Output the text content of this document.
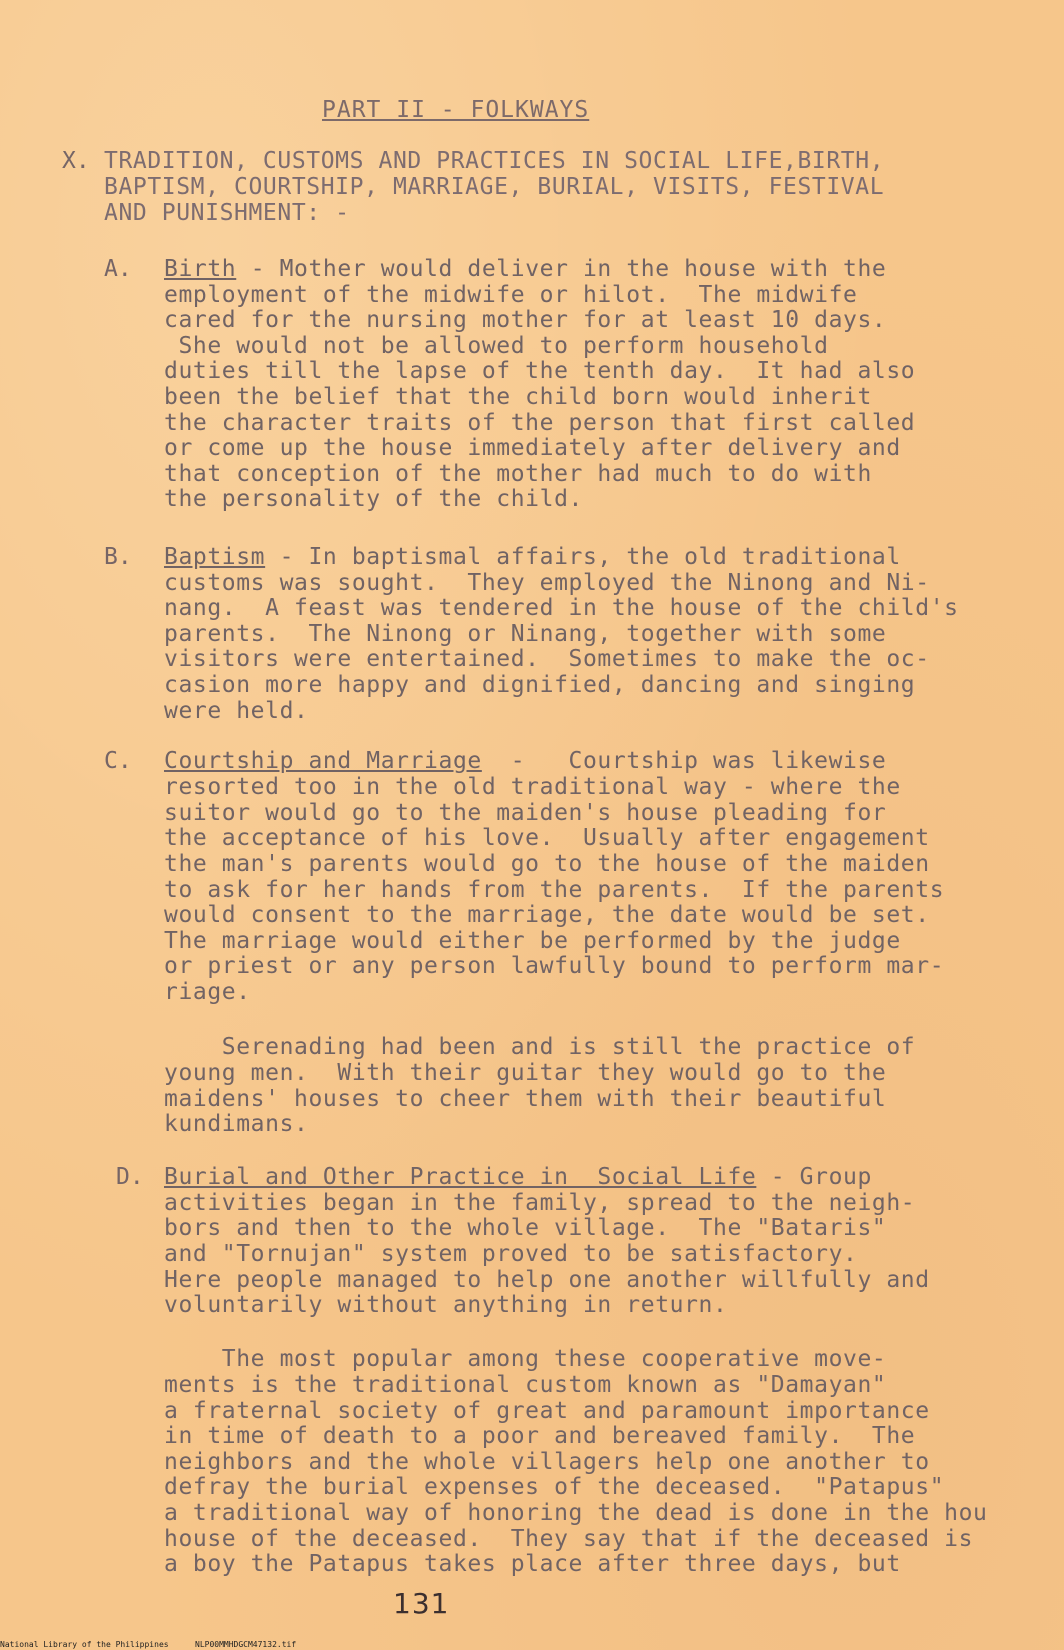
PART II - FOLKWAYS
X. TRADITION, CUSTOMS AND PRACTICES IN SOCIAL LIFE,BIRTH,
BAPTISM, COURTSHIP, MARRIAGE, BURIAL, VISITS, FESTIVAL
AND PUNISHMENT: -
A. Birth - Mother would deliver in the house with the
employment of the midwife or hilot.  The midwife
cared for the nursing mother for at least 10 days.
She would not be allowed to perform household
duties till the lapse of the tenth day.  It had also
been the belief that the child born would inherit
the character traits of the person that first called
or come up the house immediately after delivery and
that conception of the mother had much to do with
the personality of the child.
B. Baptism - In baptismal affairs, the old traditional
customs was sought.  They employed the Ninong and Ni-
nang.  A feast was tendered in the house of the child's
parents.  The Ninong or Ninang, together with some
visitors were entertained.  Sometimes to make the oc-
casion more happy and dignified, dancing and singing
were held.
C. Courtship and Marriage  -   Courtship was likewise
resorted too in the old traditional way - where the
suitor would go to the maiden's house pleading for
the acceptance of his love.  Usually after engagement
the man's parents would go to the house of the maiden
to ask for her hands from the parents.  If the parents
would consent to the marriage, the date would be set.
The marriage would either be performed by the judge
or priest or any person lawfully bound to perform mar-
riage.
Serenading had been and is still the practice of
young men.  With their guitar they would go to the
maidens' houses to cheer them with their beautiful
kundimans.
D. Burial and Other Practice in  Social Life - Group
activities began in the family, spread to the neigh-
bors and then to the whole village.  The "Bataris"
and "Tornujan" system proved to be satisfactory.
Here people managed to help one another willfully and
voluntarily without anything in return.
The most popular among these cooperative move-
ments is the traditional custom known as "Damayan"
a fraternal society of great and paramount importance
in time of death to a poor and bereaved family.  The
neighbors and the whole villagers help one another to
defray the burial expenses of the deceased.  "Patapus"
a traditional way of honoring the dead is done in the hou
house of the deceased.  They say that if the deceased is
a boy the Patapus takes place after three days, but
131
National Library of the Philippines	NLP00MMHDGCM47132.tif
